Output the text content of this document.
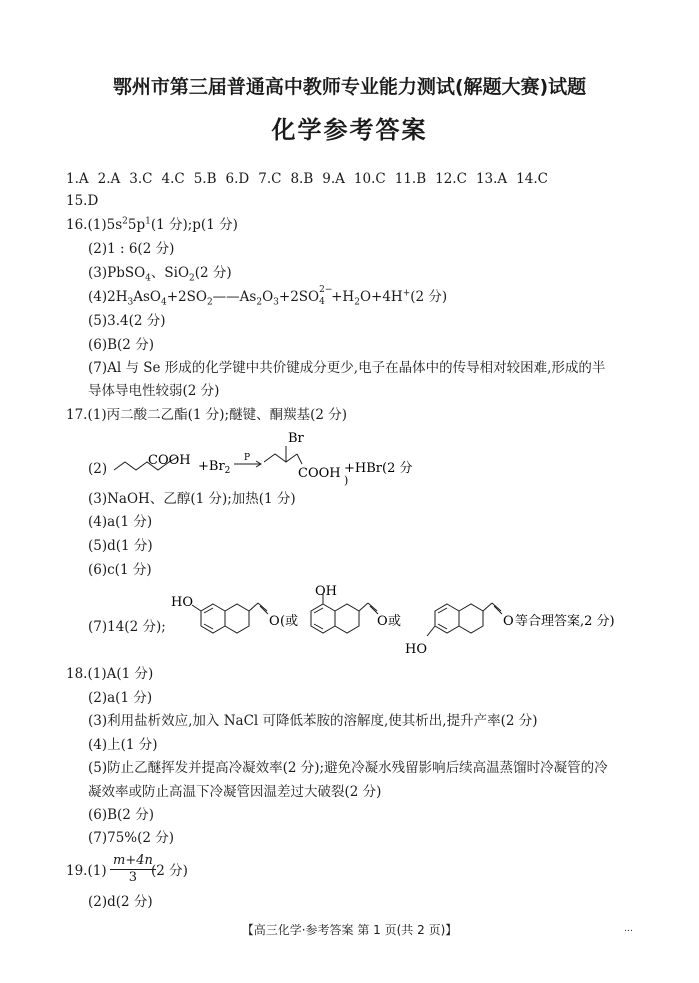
鄂州市第三届普通高中教师专业能力测试(解题大赛)试题
化学参考答案
1.A 2.A 3.C 4.C 5.B 6.D 7.C 8.B 9.A 10.C 11.B 12.C 13.A 14.C
15.D
$16.(1)5s^25p^1(1$ 分);p(1 分)
(2)1 : 6(2 分)
(3)PbSO$_4$、SiO$_2$(2 分)
$(4)2H_3AsO_4+2SO_2——As_2O_3+2SO$ 2−
$4 +H_2O+4H^+(2$ 分)
(5)3.4(2 分)
(6)B(2 分)
(7)Al 与 Se 形成的化学键中共价键成分更少,电子在晶体中的传导相对较困难,形成的半
导体导电性较弱(2 分)
17.(1)丙二酸二乙酯(1 分);醚键、酮羰基(2 分)
(2)
COOH $+Br_2$
P
Br
COOH +HBr(2 分
)
(3)NaOH、乙醇(1 分);加热(1 分)
(4)a(1 分)
(5)d(1 分)
(6)c(1 分)
(7)14(2 分);
HO
O (或
OH
O 或
HO
O 等合理答案,2 分)
18.(1)A(1 分)
(2)a(1 分)
(3)利用盐析效应,加入 NaCl 可降低苯胺的溶解度,使其析出,提升产率(2 分)
(4)上(1 分)
(5)防止乙醚挥发并提高冷凝效率(2 分);避免冷凝水残留影响后续高温蒸馏时冷凝管的冷
凝效率或防止高温下冷凝管因温差过大破裂(2 分)
(6)B(2 分)
(7)75%(2 分)
$19.(1) \frac{m+4n}{3}$
(2 分)
(2)d(2 分)
【高三化学·参考答案 第 1 页(共 2 页)】	…
